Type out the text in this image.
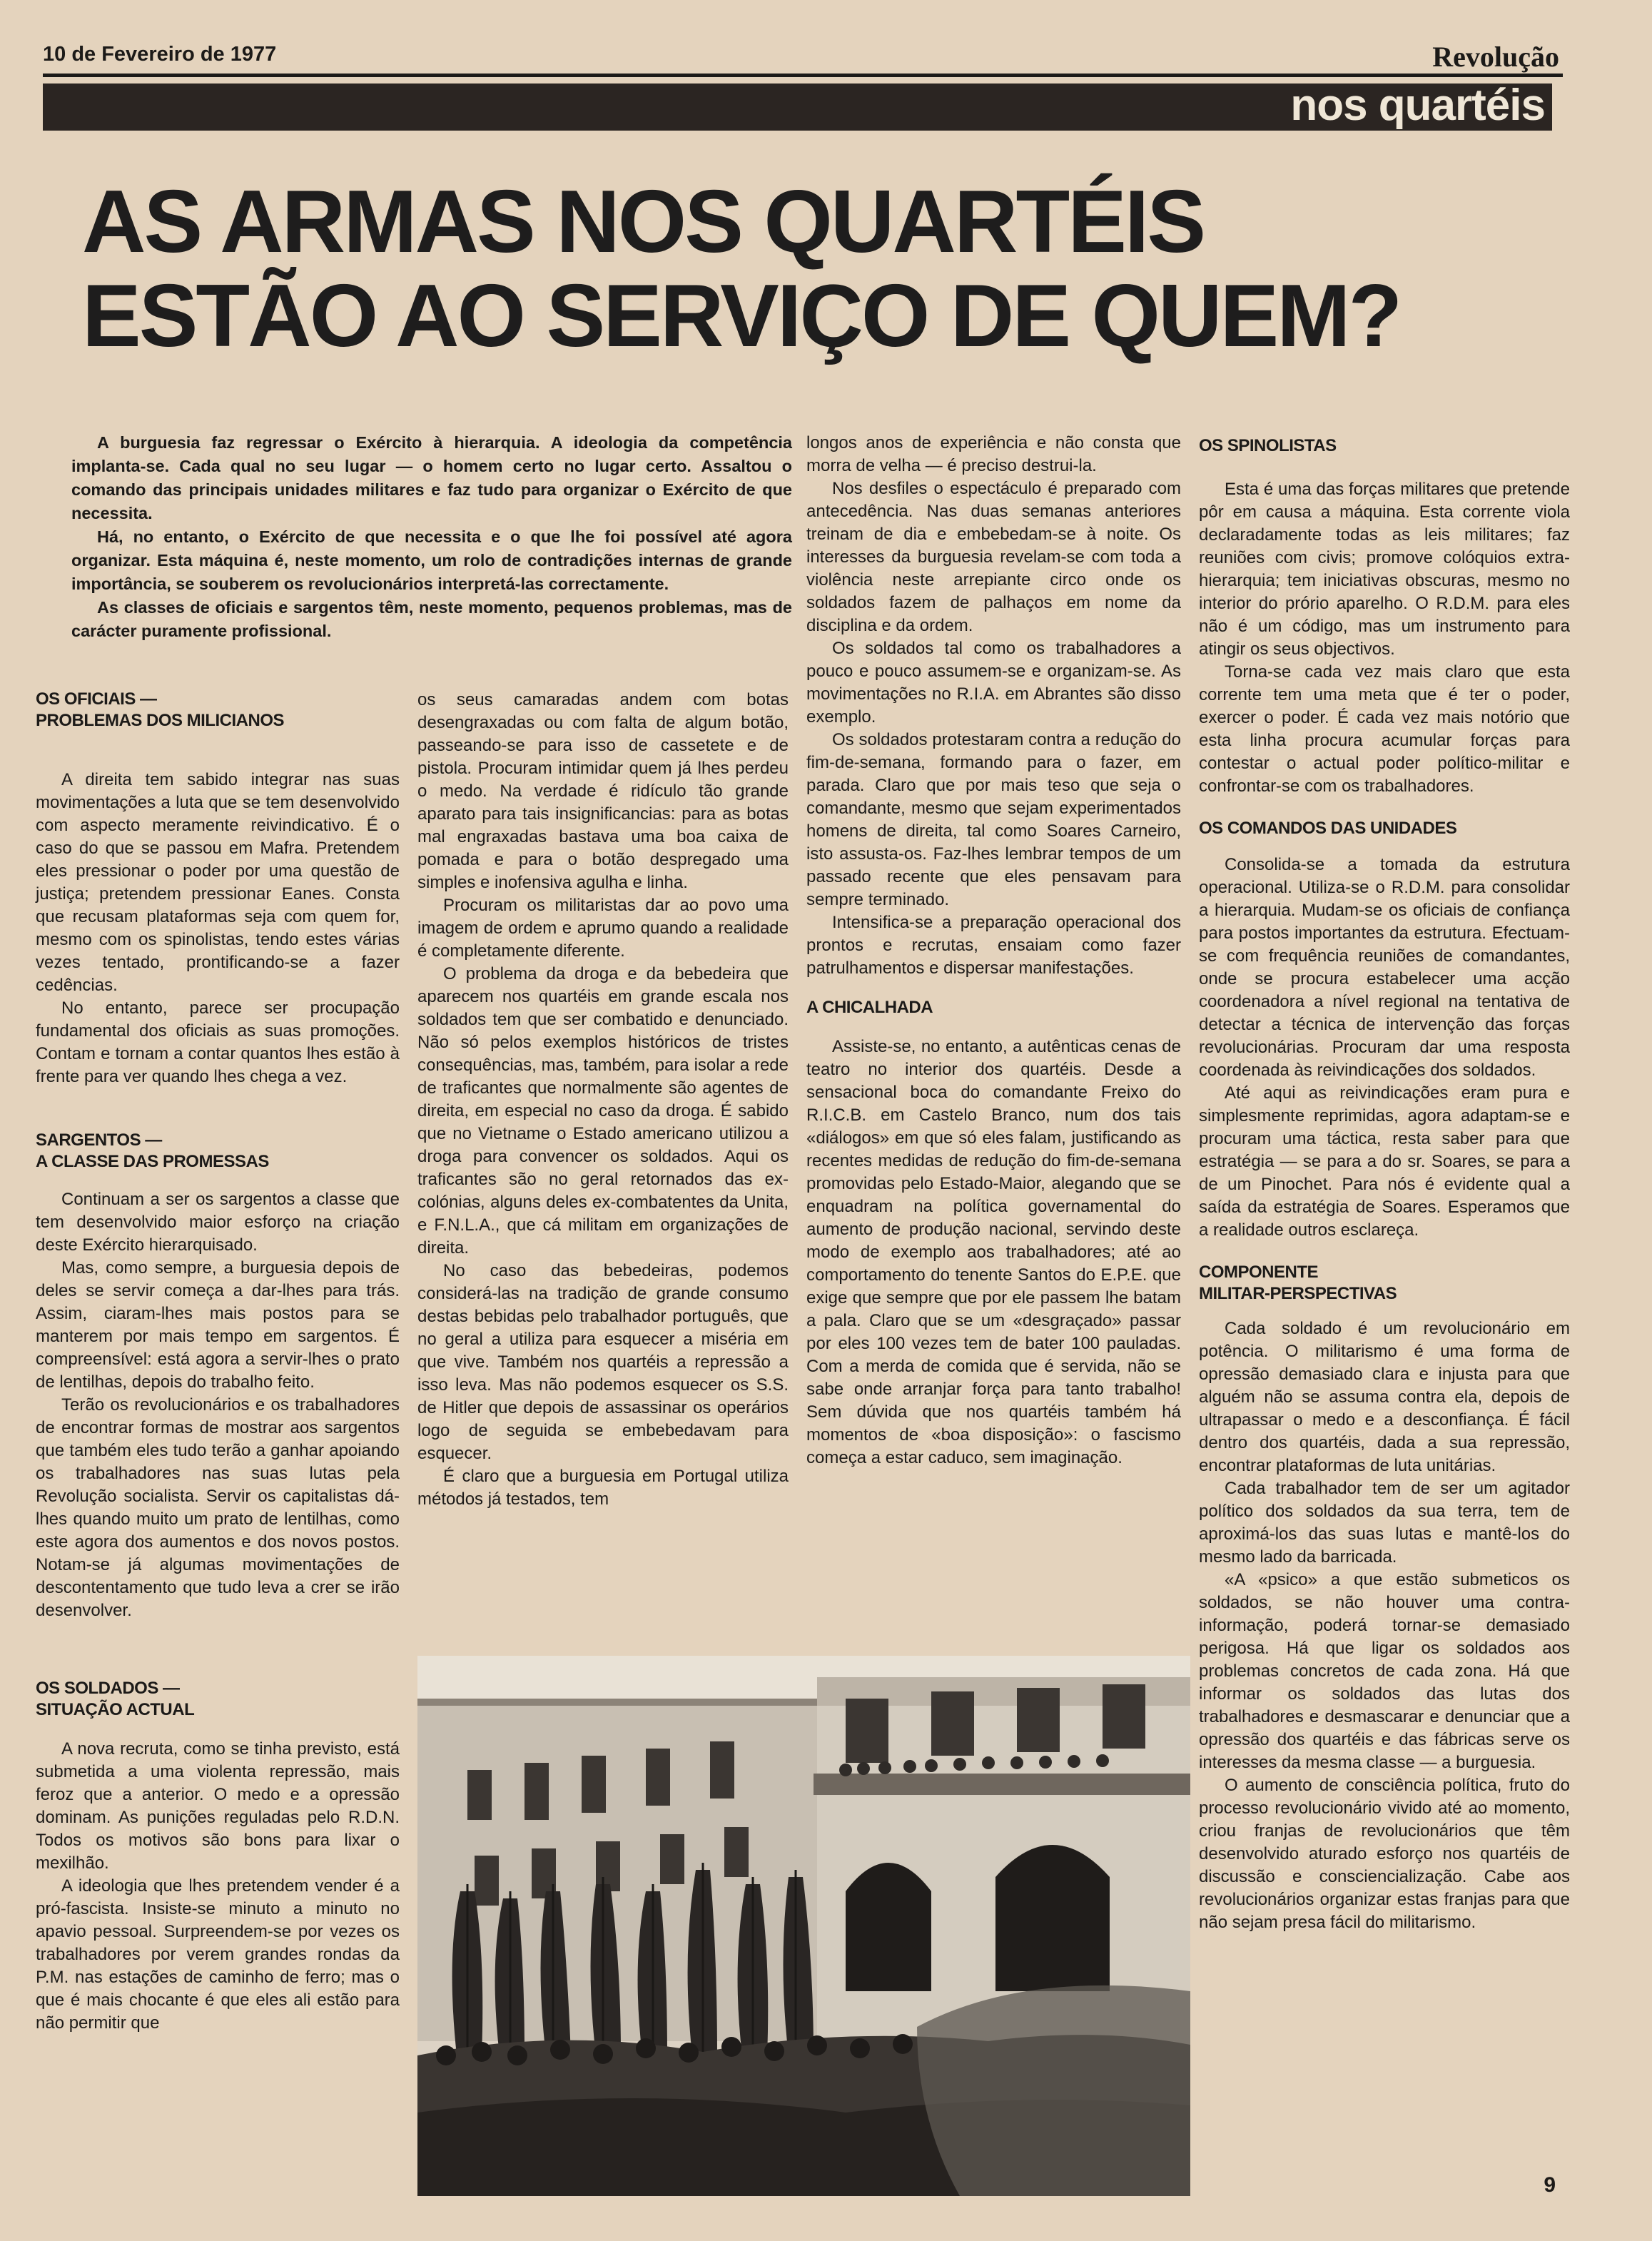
10 de Fevereiro de 1977	Revolução
nos quartéis
AS ARMAS NOS QUARTÉIS
ESTÃO AO SERVIÇO DE QUEM?

A burguesia faz regressar o Exército à hierarquia. A ideologia da competência implanta-se. Cada qual no seu lugar — o homem certo no lugar certo. Assaltou o comando das principais unidades militares e faz tudo para organizar o Exército de que necessita.

Há, no entanto, o Exército de que necessita e o que lhe foi possível até agora organizar. Esta máquina é, neste momento, um rolo de contradições internas de grande importância, se souberem os revolucionários interpretá-las correctamente.

As classes de oficiais e sargentos têm, neste momento, pequenos problemas, mas de carácter puramente profissional.

OS OFICIAIS —
PROBLEMAS DOS MILICIANOS

A direita tem sabido integrar nas suas movimentações a luta que se tem desenvolvido com aspecto meramente reivindicativo. É o caso do que se passou em Mafra. Pretendem eles pressionar o poder por uma questão de justiça; pretendem pressionar Eanes. Consta que recusam plataformas seja com quem for, mesmo com os spinolistas, tendo estes várias vezes tentado, prontificando-se a fazer cedências.

No entanto, parece ser procupação fundamental dos oficiais as suas promoções. Contam e tornam a contar quantos lhes estão à frente para ver quando lhes chega a vez.

SARGENTOS —
A CLASSE DAS PROMESSAS

Continuam a ser os sargentos a classe que tem desenvolvido maior esforço na criação deste Exército hierarquisado.

Mas, como sempre, a burguesia depois de deles se servir começa a dar-lhes para trás. Assim, ciaram-lhes mais postos para se manterem por mais tempo em sargentos. É compreensível: está agora a servir-lhes o prato de lentilhas, depois do trabalho feito.

Terão os revolucionários e os trabalhadores de encontrar formas de mostrar aos sargentos que também eles tudo terão a ganhar apoiando os trabalhadores nas suas lutas pela Revolução socialista. Servir os capitalistas dá-lhes quando muito um prato de lentilhas, como este agora dos aumentos e dos novos postos. Notam-se já algumas movimentações de descontentamento que tudo leva a crer se irão desenvolver.

OS SOLDADOS —
SITUAÇÃO ACTUAL

A nova recruta, como se tinha previsto, está submetida a uma violenta repressão, mais feroz que a anterior. O medo e a opressão dominam. As punições reguladas pelo R.D.N. Todos os motivos são bons para lixar o mexilhão.

A ideologia que lhes pretendem vender é a pró-fascista. Insiste-se minuto a minuto no apavio pessoal. Surpreendem-se por vezes os trabalhadores por verem grandes rondas da P.M. nas estações de caminho de ferro; mas o que é mais chocante é que eles ali estão para não permitir que

os seus camaradas andem com botas desengraxadas ou com falta de algum botão, passeando-se para isso de cassetete e de pistola. Procuram intimidar quem já lhes perdeu o medo. Na verdade é ridículo tão grande aparato para tais insignificancias: para as botas mal engraxadas bastava uma boa caixa de pomada e para o botão despregado uma simples e inofensiva agulha e linha.

Procuram os militaristas dar ao povo uma imagem de ordem e aprumo quando a realidade é completamente diferente.

O problema da droga e da bebedeira que aparecem nos quartéis em grande escala nos soldados tem que ser combatido e denunciado. Não só pelos exemplos históricos de tristes consequências, mas, também, para isolar a rede de traficantes que normalmente são agentes de direita, em especial no caso da droga. É sabido que no Vietname o Estado americano utilizou a droga para convencer os soldados. Aqui os traficantes são no geral retornados das ex-colónias, alguns deles ex-combatentes da Unita, e F.N.L.A., que cá militam em organizações de direita.

No caso das bebedeiras, podemos considerá-las na tradição de grande consumo destas bebidas pelo trabalhador português, que no geral a utiliza para esquecer a miséria em que vive. Também nos quartéis a repressão a isso leva. Mas não podemos esquecer os S.S. de Hitler que depois de assassinar os operários logo de seguida se embebedavam para esquecer.

É claro que a burguesia em Portugal utiliza métodos já testados, tem

longos anos de experiência e não consta que morra de velha — é preciso destrui-la.

Nos desfiles o espectáculo é preparado com antecedência. Nas duas semanas anteriores treinam de dia e embebedam-se à noite. Os interesses da burguesia revelam-se com toda a violência neste arrepiante circo onde os soldados fazem de palhaços em nome da disciplina e da ordem.

Os soldados tal como os trabalhadores a pouco e pouco assumem-se e organizam-se. As movimentações no R.I.A. em Abrantes são disso exemplo.

Os soldados protestaram contra a redução do fim-de-semana, formando para o fazer, em parada. Claro que por mais teso que seja o comandante, mesmo que sejam experimentados homens de direita, tal como Soares Carneiro, isto assusta-os. Faz-lhes lembrar tempos de um passado recente que eles pensavam para sempre terminado.

Intensifica-se a preparação operacional dos prontos e recrutas, ensaiam como fazer patrulhamentos e dispersar manifestações.

A CHICALHADA

Assiste-se, no entanto, a autênticas cenas de teatro no interior dos quartéis. Desde a sensacional boca do comandante Freixo do R.I.C.B. em Castelo Branco, num dos tais «diálogos» em que só eles falam, justificando as recentes medidas de redução do fim-de-semana promovidas pelo Estado-Maior, alegando que se enquadram na política governamental do aumento de produção nacional, servindo deste modo de exemplo aos trabalhadores; até ao comportamento do tenente Santos do E.P.E. que exige que sempre que por ele passem lhe batam a pala. Claro que se um «desgraçado» passar por eles 100 vezes tem de bater 100 pauladas. Com a merda de comida que é servida, não se sabe onde arranjar força para tanto trabalho! Sem dúvida que nos quartéis também há momentos de «boa disposição»: o fascismo começa a estar caduco, sem imaginação.

OS SPINOLISTAS

Esta é uma das forças militares que pretende pôr em causa a máquina. Esta corrente viola declaradamente todas as leis militares; faz reuniões com civis; promove colóquios extra-hierarquia; tem iniciativas obscuras, mesmo no interior do prório aparelho. O R.D.M. para eles não é um código, mas um instrumento para atingir os seus objectivos.

Torna-se cada vez mais claro que esta corrente tem uma meta que é ter o poder, exercer o poder. É cada vez mais notório que esta linha procura acumular forças para contestar o actual poder político-militar e confrontar-se com os trabalhadores.

OS COMANDOS DAS UNIDADES

Consolida-se a tomada da estrutura operacional. Utiliza-se o R.D.M. para consolidar a hierarquia. Mudam-se os oficiais de confiança para postos importantes da estrutura. Efectuam-se com frequência reuniões de comandantes, onde se procura estabelecer uma acção coordenadora a nível regional na tentativa de detectar a técnica de intervenção das forças revolucionárias. Procuram dar uma resposta coordenada às reivindicações dos soldados.

Até aqui as reivindicações eram pura e simplesmente reprimidas, agora adaptam-se e procuram uma táctica, resta saber para que estratégia — se para a do sr. Soares, se para a de um Pinochet. Para nós é evidente qual a saída da estratégia de Soares. Esperamos que a realidade outros esclareça.

COMPONENTE
MILITAR-PERSPECTIVAS

Cada soldado é um revolucionário em potência. O militarismo é uma forma de opressão demasiado clara e injusta para que alguém não se assuma contra ela, depois de ultrapassar o medo e a desconfiança. É fácil dentro dos quartéis, dada a sua repressão, encontrar plataformas de luta unitárias.

Cada trabalhador tem de ser um agitador político dos soldados da sua terra, tem de aproximá-los das suas lutas e mantê-los do mesmo lado da barricada.

«A «psico» a que estão submeticos os soldados, se não houver uma contra-informação, poderá tornar-se demasiado perigosa. Há que ligar os soldados aos problemas concretos de cada zona. Há que informar os soldados das lutas dos trabalhadores e desmascarar e denunciar que a opressão dos quartéis e das fábricas serve os interesses da mesma classe — a burguesia.

O aumento de consciência política, fruto do processo revolucionário vivido até ao momento, criou franjas de revolucionários que têm desenvolvido aturado esforço nos quartéis de discussão e consciencialização. Cabe aos revolucionários organizar estas franjas para que não sejam presa fácil do militarismo.

9
